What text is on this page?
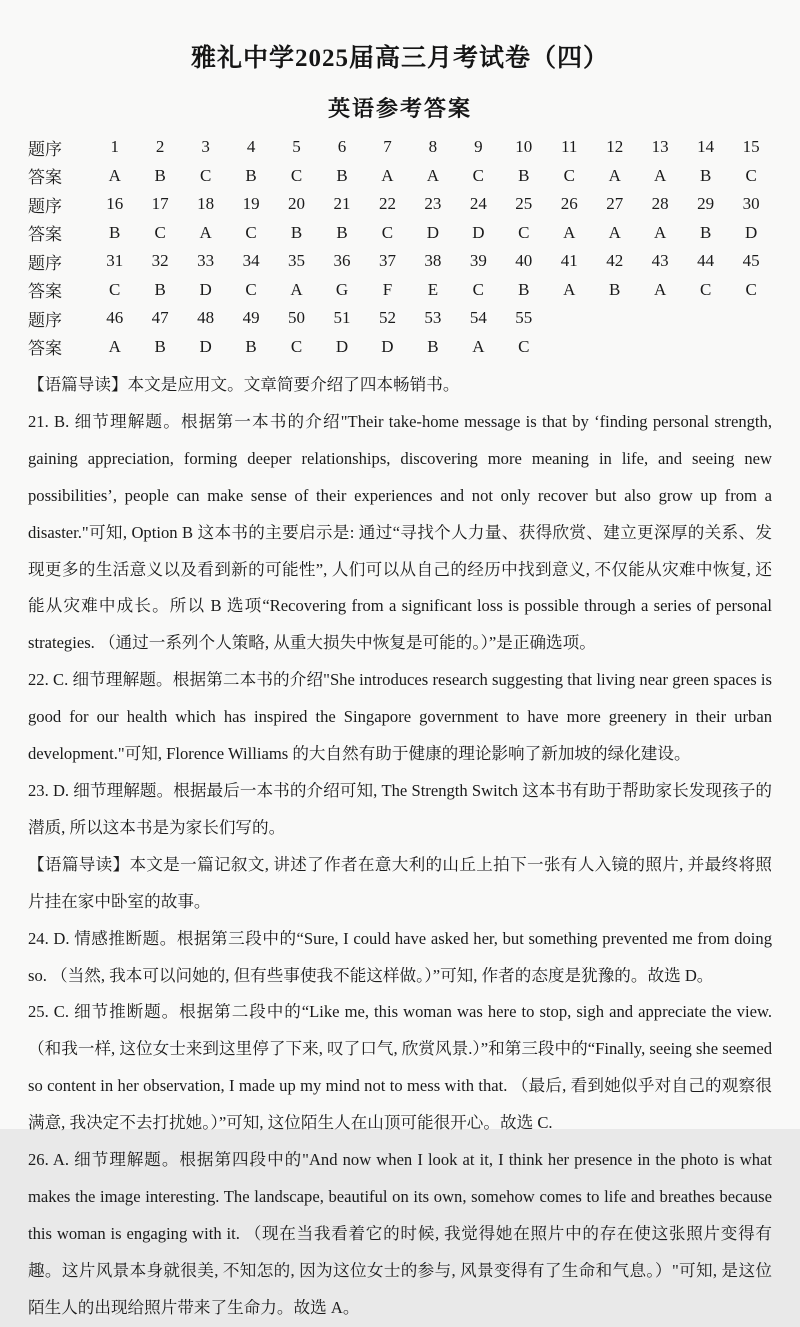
雅礼中学2025届高三月考试卷（四）
英语参考答案
题序	1	2	3	4	5	6	7	8	9	10	11	12	13	14	15
答案	A	B	C	B	C	B	A	A	C	B	C	A	A	B	C
题序	16	17	18	19	20	21	22	23	24	25	26	27	28	29	30
答案	B	C	A	C	B	B	C	D	D	C	A	A	A	B	D
题序	31	32	33	34	35	36	37	38	39	40	41	42	43	44	45
答案	C	B	D	C	A	G	F	E	C	B	A	B	A	C	C
题序	46	47	48	49	50	51	52	53	54	55					
答案	A	B	D	B	C	D	D	B	A	C					

【语篇导读】本文是应用文。文章简要介绍了四本畅销书。

21. B. 细节理解题。根据第一本书的介绍"Their take-home message is that by ‘finding personal strength, gaining appreciation, forming deeper relationships, discovering more meaning in life, and seeing new possibilities’, people can make sense of their experiences and not only recover but also grow up from a disaster."可知, Option B 这本书的主要启示是: 通过“寻找个人力量、获得欣赏、建立更深厚的关系、发现更多的生活意义以及看到新的可能性”, 人们可以从自己的经历中找到意义, 不仅能从灾难中恢复, 还能从灾难中成长。所以 B 选项“Recovering from a significant loss is possible through a series of personal strategies. （通过一系列个人策略, 从重大损失中恢复是可能的。）”是正确选项。

22. C. 细节理解题。根据第二本书的介绍"She introduces research suggesting that living near green spaces is good for our health which has inspired the Singapore government to have more greenery in their urban development."可知, Florence Williams 的大自然有助于健康的理论影响了新加坡的绿化建设。

23. D. 细节理解题。根据最后一本书的介绍可知, The Strength Switch 这本书有助于帮助家长发现孩子的潜质, 所以这本书是为家长们写的。

【语篇导读】本文是一篇记叙文, 讲述了作者在意大利的山丘上拍下一张有人入镜的照片, 并最终将照片挂在家中卧室的故事。

24. D. 情感推断题。根据第三段中的“Sure, I could have asked her, but something prevented me from doing so. （当然, 我本可以问她的, 但有些事使我不能这样做。）”可知, 作者的态度是犹豫的。故选 D。

25. C. 细节推断题。根据第二段中的“Like me, this woman was here to stop, sigh and appreciate the view. （和我一样, 这位女士来到这里停了下来, 叹了口气, 欣赏风景.）”和第三段中的“Finally, seeing she seemed so content in her observation, I made up my mind not to mess with that. （最后, 看到她似乎对自己的观察很满意, 我决定不去打扰她。）”可知, 这位陌生人在山顶可能很开心。故选 C.

26. A. 细节理解题。根据第四段中的"And now when I look at it, I think her presence in the photo is what makes the image interesting. The landscape, beautiful on its own, somehow comes to life and breathes because this woman is engaging with it. （现在当我看着它的时候, 我觉得她在照片中的存在使这张照片变得有趣。这片风景本身就很美, 不知怎的, 因为这位女士的参与, 风景变得有了生命和气息。）"可知, 是这位陌生人的出现给照片带来了生命力。故选 A。
